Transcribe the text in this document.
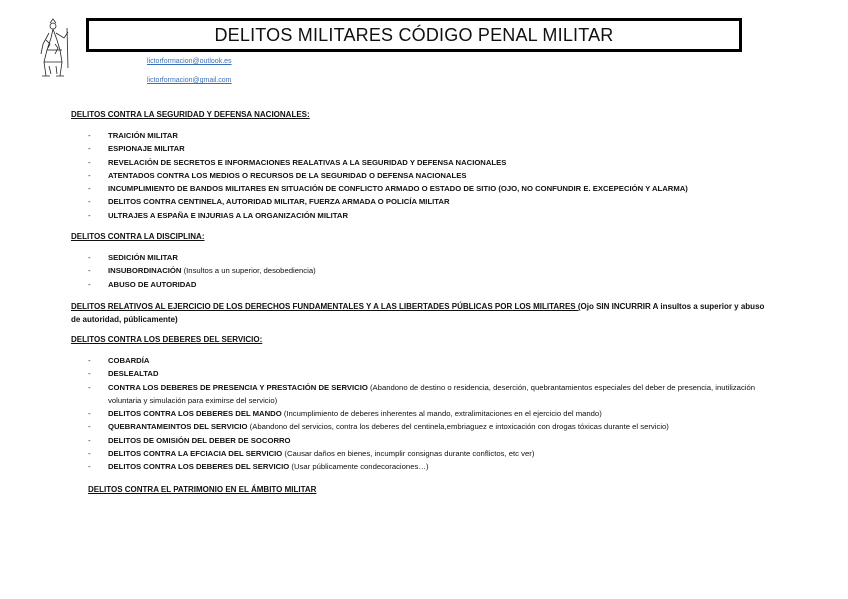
DELITOS MILITARES CÓDIGO PENAL MILITAR
lictorformacion@outlook.es
lictorformacion@gmail.com
DELITOS CONTRA LA SEGURIDAD Y DEFENSA NACIONALES:
- TRAICIÓN MILITAR
- ESPIONAJE MILITAR
- REVELACIÓN DE SECRETOS E INFORMACIONES REALATIVAS A LA SEGURIDAD Y DEFENSA NACIONALES
- ATENTADOS CONTRA LOS MEDIOS O RECURSOS DE LA SEGURIDAD O DEFENSA NACIONALES
- INCUMPLIMIENTO DE BANDOS MILITARES EN SITUACIÓN DE CONFLICTO ARMADO O ESTADO DE SITIO (OJO, NO CONFUNDIR E. EXCEPECIÓN Y ALARMA)
- DELITOS CONTRA CENTINELA, AUTORIDAD MILITAR, FUERZA ARMADA O POLICÍA MILITAR
- ULTRAJES A ESPAÑA E INJURIAS A LA ORGANIZACIÓN MILITAR
DELITOS CONTRA LA DISCIPLINA:
- SEDICIÓN MILITAR
- INSUBORDINACIÓN (Insultos a un superior, desobediencia)
- ABUSO DE AUTORIDAD
DELITOS RELATIVOS AL EJERCICIO DE LOS DERECHOS FUNDAMENTALES Y A LAS LIBERTADES PÚBLICAS POR LOS MILITARES (Ojo SIN INCURRIR A insultos a superior y abuso de autoridad, públicamente)
DELITOS CONTRA LOS DEBERES DEL SERVICIO:
- COBARDÍA
- DESLEALTAD
- CONTRA LOS DEBERES DE PRESENCIA Y PRESTACIÓN DE SERVICIO (Abandono de destino o residencia, deserción, quebrantamientos especiales del deber de presencia, inutilización voluntaria y simulación para eximirse del servicio)
- DELITOS CONTRA LOS DEBERES DEL MANDO (Incumplimiento de deberes inherentes al mando, extralimitaciones en el ejercicio del mando)
- QUEBRANTAMEINTOS DEL SERVICIO (Abandono del servicios, contra los deberes del centinela,embriaguez e intoxicación con drogas tóxicas durante el servicio)
- DELITOS DE OMISIÓN DEL DEBER DE SOCORRO
- DELITOS CONTRA LA EFCIACIA DEL SERVICIO (Causar daños en bienes, incumplir consignas durante conflictos, etc ver)
- DELITOS CONTRA LOS DEBERES DEL SERVICIO (Usar públicamente condecoraciones…)
DELITOS CONTRA EL PATRIMONIO EN EL ÁMBITO MILITAR
